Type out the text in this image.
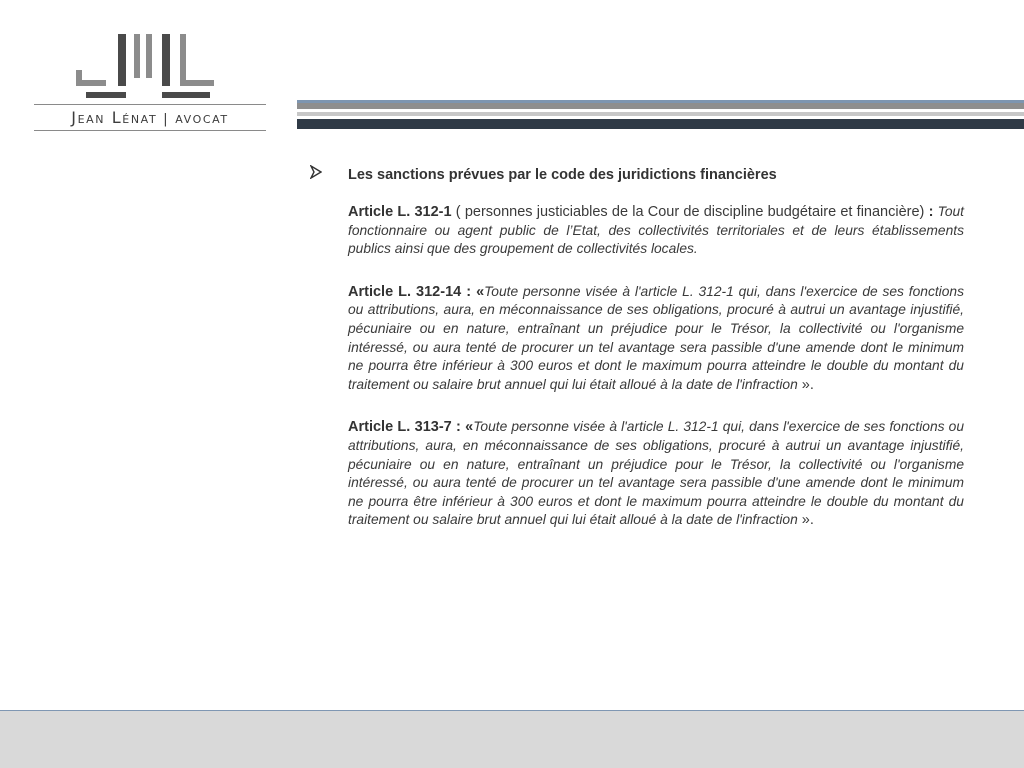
Jean Lénat | avocat
Les sanctions prévues par le code des juridictions financières
Article L. 312-1 ( personnes justiciables de la Cour de discipline budgétaire et financière) : Tout fonctionnaire ou agent public de l’Etat, des collectivités territoriales et de leurs établissements publics ainsi que des groupement de collectivités locales.
Article L. 312-14 : «Toute personne visée à l'article L. 312-1 qui, dans l'exercice de ses fonctions ou attributions, aura, en méconnaissance de ses obligations, procuré à autrui un avantage injustifié, pécuniaire ou en nature, entraînant un préjudice pour le Trésor, la collectivité ou l'organisme intéressé, ou aura tenté de procurer un tel avantage sera passible d'une amende dont le minimum ne pourra être inférieur à 300 euros et dont le maximum pourra atteindre le double du montant du traitement ou salaire brut annuel qui lui était alloué à la date de l'infraction ».
Article L. 313-7 : «Toute personne visée à l'article L. 312-1 qui, dans l'exercice de ses fonctions ou attributions, aura, en méconnaissance de ses obligations, procuré à autrui un avantage injustifié, pécuniaire ou en nature, entraînant un préjudice pour le Trésor, la collectivité ou l'organisme intéressé, ou aura tenté de procurer un tel avantage sera passible d'une amende dont le minimum ne pourra être inférieur à 300 euros et dont le maximum pourra atteindre le double du montant du traitement ou salaire brut annuel qui lui était alloué à la date de l'infraction ».
